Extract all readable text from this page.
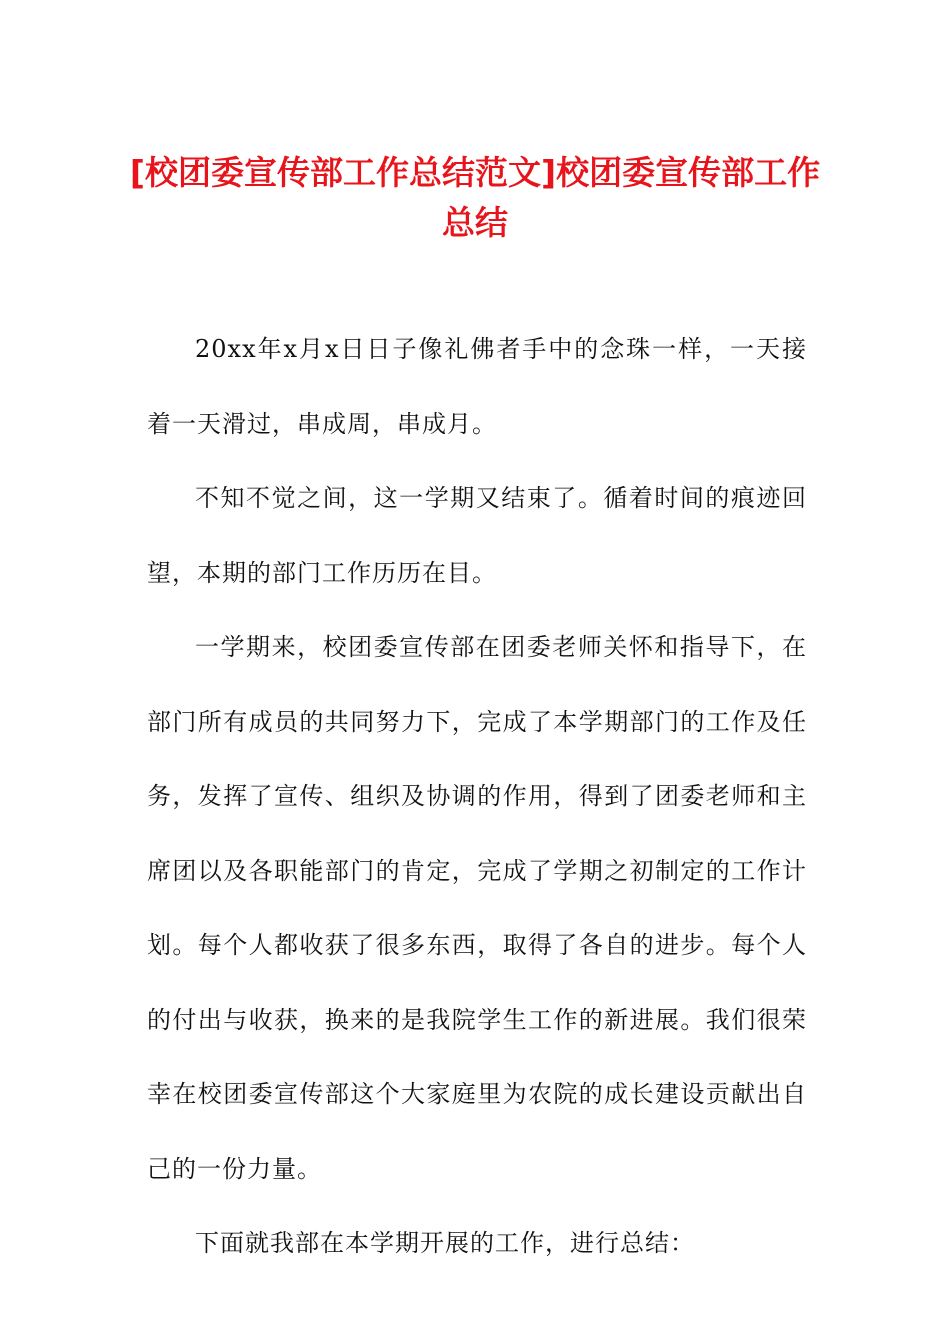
[校团委宣传部工作总结范文]校团委宣传部工作总结

20xx年x月x日日子像礼佛者手中的念珠一样，一天接着一天滑过，串成周，串成月。

不知不觉之间，这一学期又结束了。循着时间的痕迹回望，本期的部门工作历历在目。

一学期来，校团委宣传部在团委老师关怀和指导下，在部门所有成员的共同努力下，完成了本学期部门的工作及任务，发挥了宣传、组织及协调的作用，得到了团委老师和主席团以及各职能部门的肯定，完成了学期之初制定的工作计划。每个人都收获了很多东西，取得了各自的进步。每个人的付出与收获，换来的是我院学生工作的新进展。我们很荣幸在校团委宣传部这个大家庭里为农院的成长建设贡献出自己的一份力量。

下面就我部在本学期开展的工作，进行总结：
